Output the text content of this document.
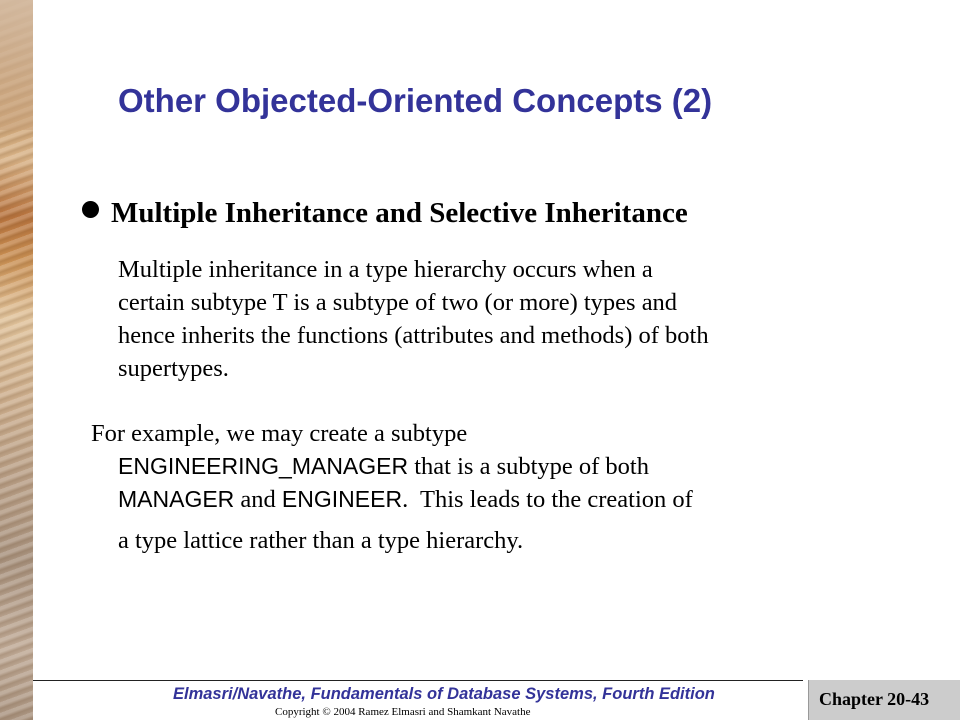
Other Objected-Oriented Concepts (2)
Multiple Inheritance and Selective Inheritance
Multiple inheritance in a type hierarchy occurs when a
certain subtype T is a subtype of two (or more) types and
hence inherits the functions (attributes and methods) of both
supertypes.
For example, we may create a subtype
ENGINEERING_MANAGER that is a subtype of both
MANAGER and ENGINEER.  This leads to the creation of
a type lattice rather than a type hierarchy.
Elmasri/Navathe, Fundamentals of Database Systems, Fourth Edition
Copyright © 2004 Ramez Elmasri and Shamkant Navathe
Chapter 20-43
